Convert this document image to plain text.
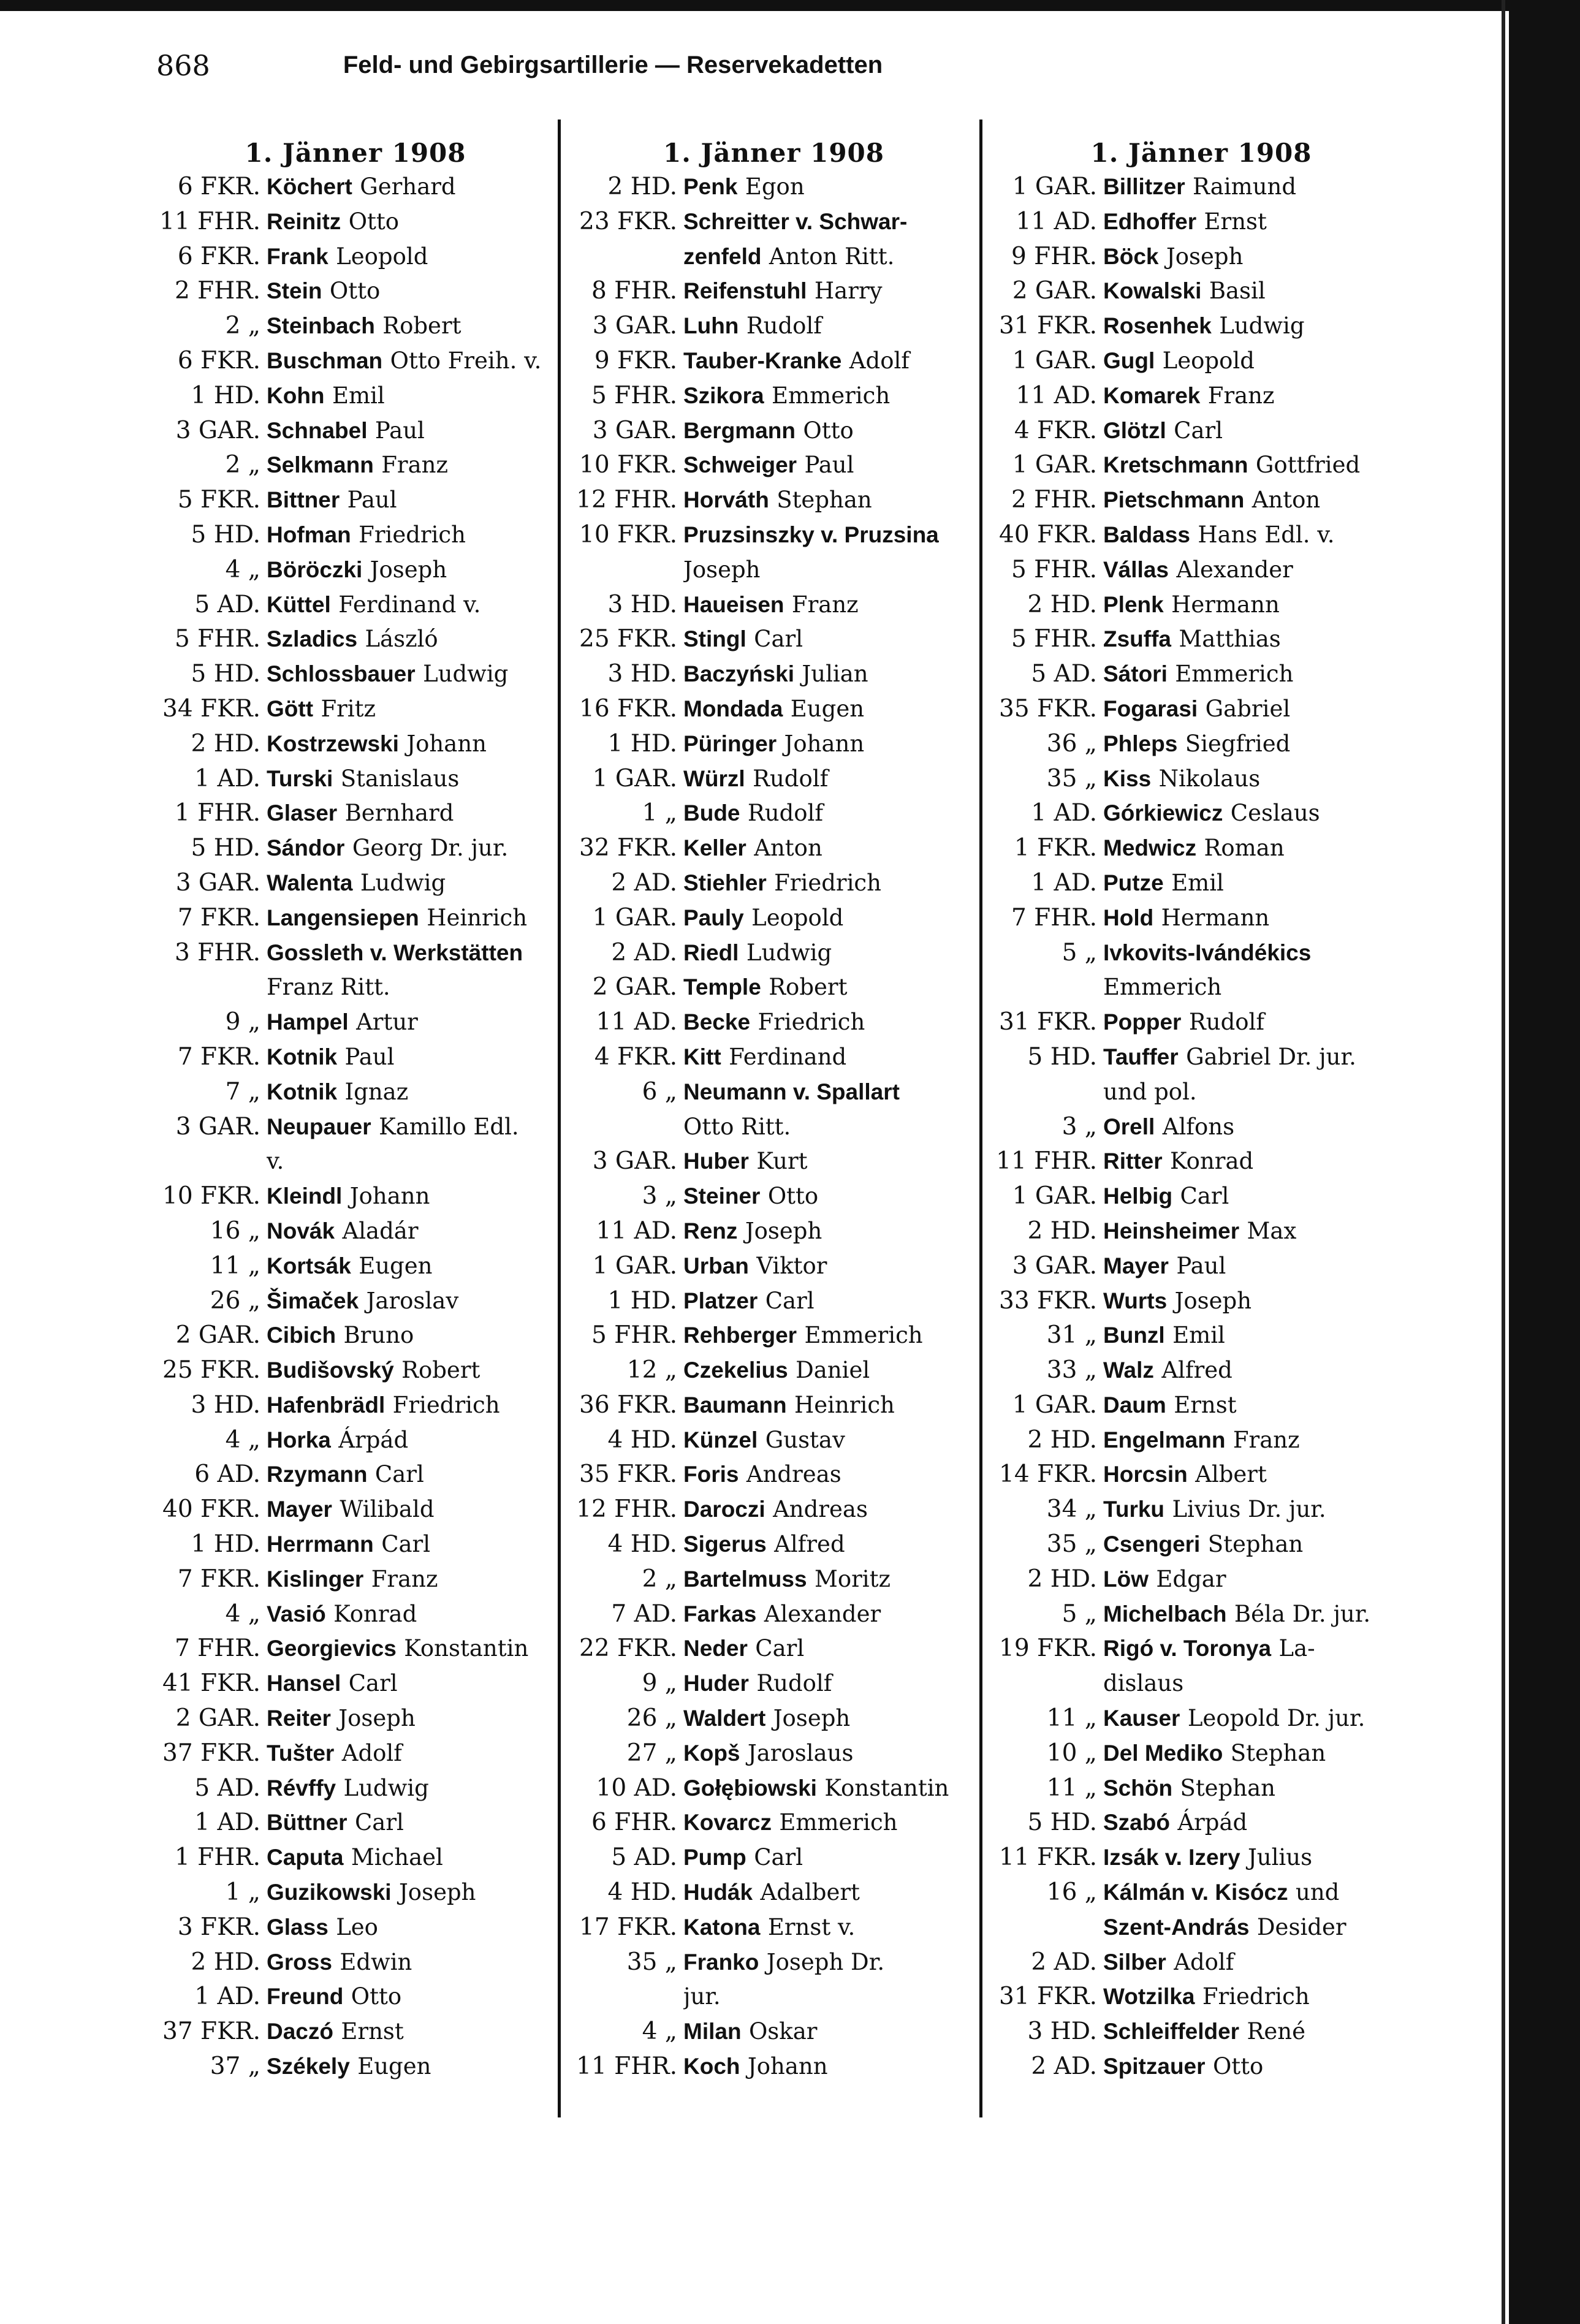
868	Feld- und Gebirgsartillerie — Reservekadetten
1. Jänner 1908
6 FKR. Köchert Gerhard
11 FHR. Reinitz Otto
6 FKR. Frank Leopold
2 FHR. Stein Otto
2 „ Steinbach Robert
6 FKR. Buschman Otto Freih. v.
1 HD. Kohn Emil
3 GAR. Schnabel Paul
2 „ Selkmann Franz
5 FKR. Bittner Paul
5 HD. Hofman Friedrich
4 „ Böröczki Joseph
5 AD. Küttel Ferdinand v.
5 FHR. Szladics László
5 HD. Schlossbauer Ludwig
34 FKR. Gött Fritz
2 HD. Kostrzewski Johann
1 AD. Turski Stanislaus
1 FHR. Glaser Bernhard
5 HD. Sándor Georg Dr. jur.
3 GAR. Walenta Ludwig
7 FKR. Langensiepen Heinrich
3 FHR. Gossleth v. Werkstätten
Franz Ritt.
9 „ Hampel Artur
7 FKR. Kotnik Paul
7 „ Kotnik Ignaz
3 GAR. Neupauer Kamillo Edl.
v.
10 FKR. Kleindl Johann
16 „ Novák Aladár
11 „ Kortsák Eugen
26 „ Šimaček Jaroslav
2 GAR. Cibich Bruno
25 FKR. Budišovský Robert
3 HD. Hafenbrädl Friedrich
4 „ Horka Árpád
6 AD. Rzymann Carl
40 FKR. Mayer Wilibald
1 HD. Herrmann Carl
7 FKR. Kislinger Franz
4 „ Vasió Konrad
7 FHR. Georgievics Konstantin
41 FKR. Hansel Carl
2 GAR. Reiter Joseph
37 FKR. Tušter Adolf
5 AD. Révffy Ludwig
1 AD. Büttner Carl
1 FHR. Caputa Michael
1 „ Guzikowski Joseph
3 FKR. Glass Leo
2 HD. Gross Edwin
1 AD. Freund Otto
37 FKR. Daczó Ernst
37 „ Székely Eugen
1. Jänner 1908
2 HD. Penk Egon
23 FKR. Schreitter v. Schwar-
zenfeld Anton Ritt.
8 FHR. Reifenstuhl Harry
3 GAR. Luhn Rudolf
9 FKR. Tauber-Kranke Adolf
5 FHR. Szikora Emmerich
3 GAR. Bergmann Otto
10 FKR. Schweiger Paul
12 FHR. Horváth Stephan
10 FKR. Pruzsinszky v. Pruzsina
Joseph
3 HD. Haueisen Franz
25 FKR. Stingl Carl
3 HD. Baczyński Julian
16 FKR. Mondada Eugen
1 HD. Püringer Johann
1 GAR. Würzl Rudolf
1 „ Bude Rudolf
32 FKR. Keller Anton
2 AD. Stiehler Friedrich
1 GAR. Pauly Leopold
2 AD. Riedl Ludwig
2 GAR. Temple Robert
11 AD. Becke Friedrich
4 FKR. Kitt Ferdinand
6 „ Neumann v. Spallart
Otto Ritt.
3 GAR. Huber Kurt
3 „ Steiner Otto
11 AD. Renz Joseph
1 GAR. Urban Viktor
1 HD. Platzer Carl
5 FHR. Rehberger Emmerich
12 „ Czekelius Daniel
36 FKR. Baumann Heinrich
4 HD. Künzel Gustav
35 FKR. Foris Andreas
12 FHR. Daroczi Andreas
4 HD. Sigerus Alfred
2 „ Bartelmuss Moritz
7 AD. Farkas Alexander
22 FKR. Neder Carl
9 „ Huder Rudolf
26 „ Waldert Joseph
27 „ Kopš Jaroslaus
10 AD. Gołębiowski Konstantin
6 FHR. Kovarcz Emmerich
5 AD. Pump Carl
4 HD. Hudák Adalbert
17 FKR. Katona Ernst v.
35 „ Franko Joseph Dr.
jur.
4 „ Milan Oskar
11 FHR. Koch Johann
1. Jänner 1908
1 GAR. Billitzer Raimund
11 AD. Edhoffer Ernst
9 FHR. Böck Joseph
2 GAR. Kowalski Basil
31 FKR. Rosenhek Ludwig
1 GAR. Gugl Leopold
11 AD. Komarek Franz
4 FKR. Glötzl Carl
1 GAR. Kretschmann Gottfried
2 FHR. Pietschmann Anton
40 FKR. Baldass Hans Edl. v.
5 FHR. Vállas Alexander
2 HD. Plenk Hermann
5 FHR. Zsuffa Matthias
5 AD. Sátori Emmerich
35 FKR. Fogarasi Gabriel
36 „ Phleps Siegfried
35 „ Kiss Nikolaus
1 AD. Górkiewicz Ceslaus
1 FKR. Medwicz Roman
1 AD. Putze Emil
7 FHR. Hold Hermann
5 „ Ivkovits-Ivándékics
Emmerich
31 FKR. Popper Rudolf
5 HD. Tauffer Gabriel Dr. jur.
und pol.
3 „ Orell Alfons
11 FHR. Ritter Konrad
1 GAR. Helbig Carl
2 HD. Heinsheimer Max
3 GAR. Mayer Paul
33 FKR. Wurts Joseph
31 „ Bunzl Emil
33 „ Walz Alfred
1 GAR. Daum Ernst
2 HD. Engelmann Franz
14 FKR. Horcsin Albert
34 „ Turku Livius Dr. jur.
35 „ Csengeri Stephan
2 HD. Löw Edgar
5 „ Michelbach Béla Dr. jur.
19 FKR. Rigó v. Toronya La-
dislaus
11 „ Kauser Leopold Dr. jur.
10 „ Del Mediko Stephan
11 „ Schön Stephan
5 HD. Szabó Árpád
11 FKR. Izsák v. Izery Julius
16 „ Kálmán v. Kisócz und
Szent-András Desider
2 AD. Silber Adolf
31 FKR. Wotzilka Friedrich
3 HD. Schleiffelder René
2 AD. Spitzauer Otto
